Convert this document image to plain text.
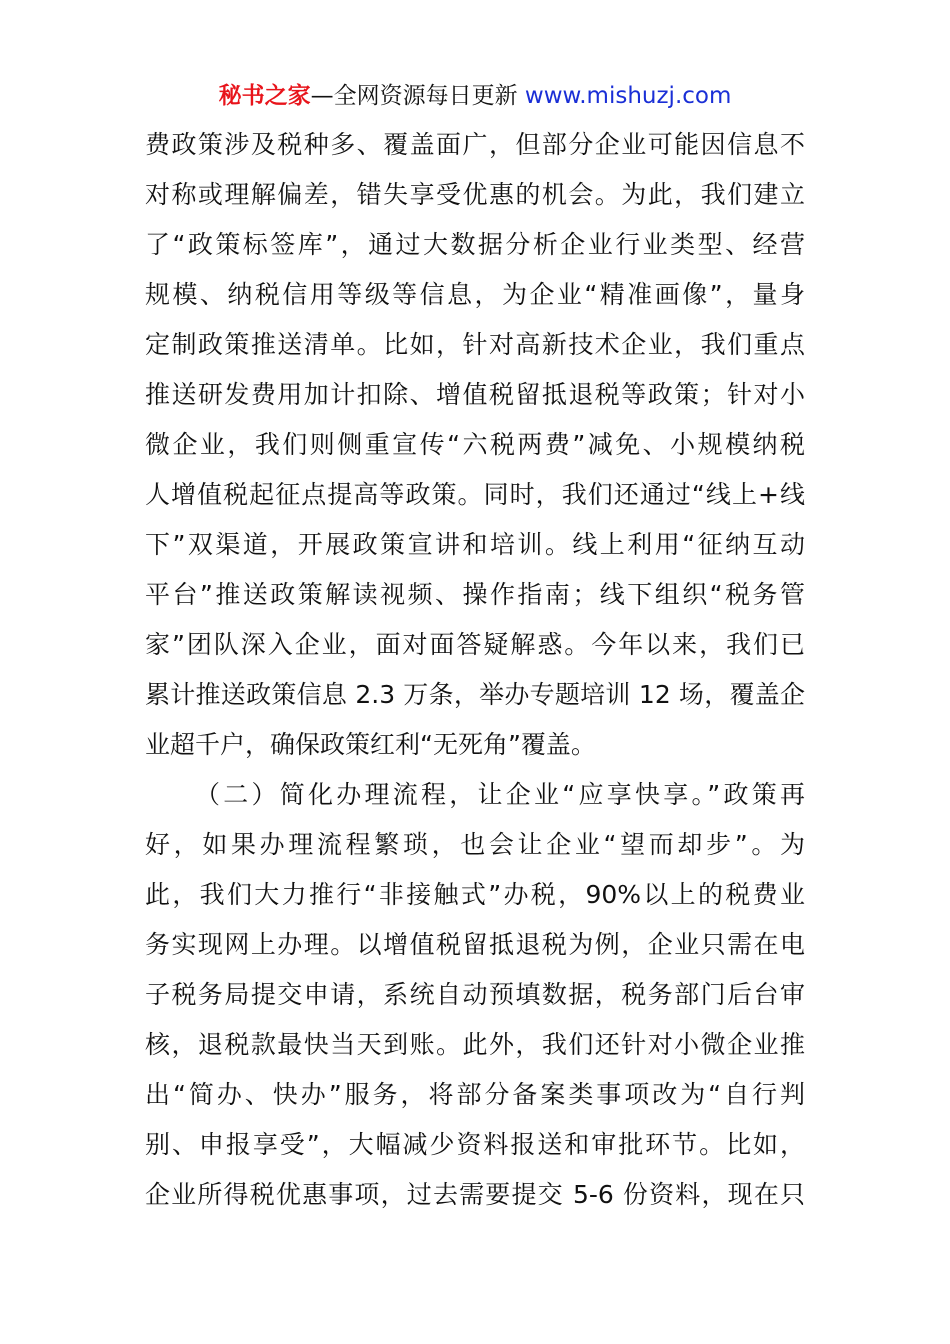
秘书之家—全网资源每日更新 www.mishuzj.com
费政策涉及税种多、覆盖面广，但部分企业可能因信息不
对称或理解偏差，错失享受优惠的机会。为此，我们建立
了“政策标签库”，通过大数据分析企业行业类型、经营
规模、纳税信用等级等信息，为企业“精准画像”，量身
定制政策推送清单。比如，针对高新技术企业，我们重点
推送研发费用加计扣除、增值税留抵退税等政策；针对小
微企业，我们则侧重宣传“六税两费”减免、小规模纳税
人增值税起征点提高等政策。同时，我们还通过“线上+线
下”双渠道，开展政策宣讲和培训。线上利用“征纳互动
平台”推送政策解读视频、操作指南；线下组织“税务管
家”团队深入企业，面对面答疑解惑。今年以来，我们已
累计推送政策信息 2.3 万条，举办专题培训 12 场，覆盖企
业超千户，确保政策红利“无死角”覆盖。
（二）简化办理流程，让企业“应享快享。”政策再
好，如果办理流程繁琐，也会让企业“望而却步”。为
此，我们大力推行“非接触式”办税，90%以上的税费业
务实现网上办理。以增值税留抵退税为例，企业只需在电
子税务局提交申请，系统自动预填数据，税务部门后台审
核，退税款最快当天到账。此外，我们还针对小微企业推
出“简办、快办”服务，将部分备案类事项改为“自行判
别、申报享受”，大幅减少资料报送和审批环节。比如，
企业所得税优惠事项，过去需要提交 5-6 份资料，现在只
